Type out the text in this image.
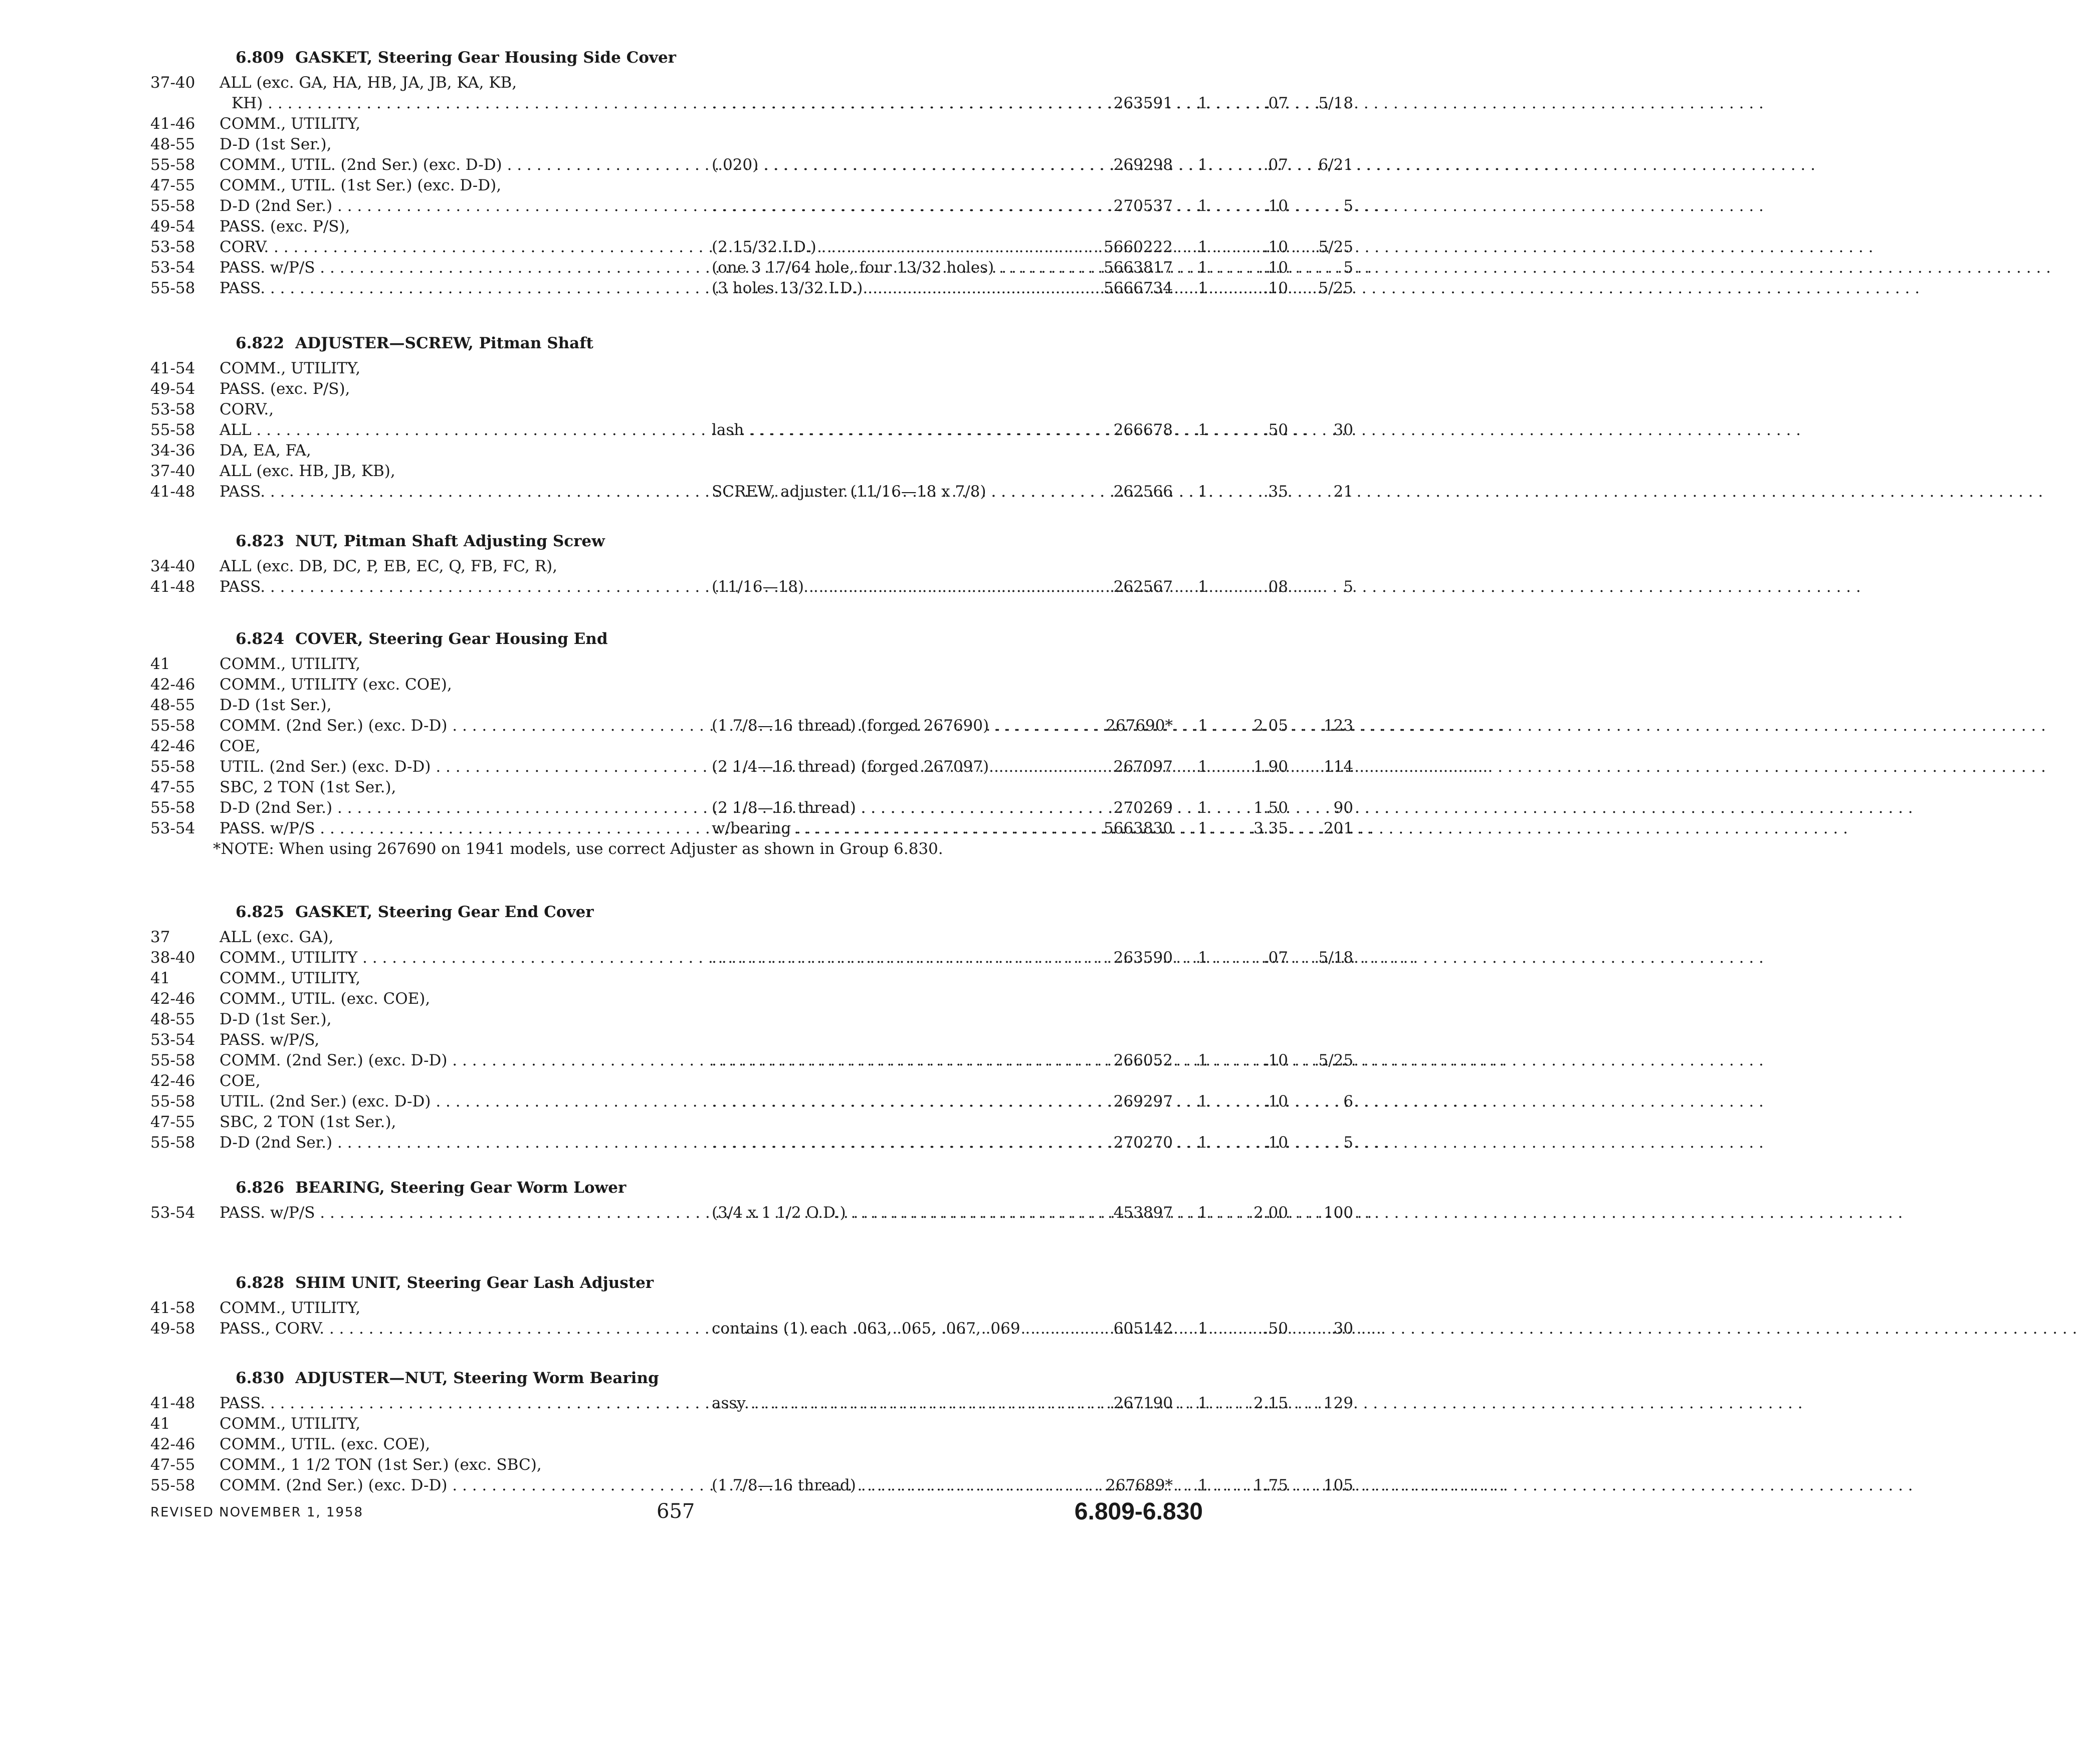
6.809 GASKET, Steering Gear Housing Side Cover
37-40 ALL (exc. GA, HA, HB, JA, JB, KA, KB,
KH) . . . . . .	263591 1	.07	5/18
41-46 COMM., UTILITY,
48-55 D-D (1st Ser.),
55-58 COMM., UTIL. (2nd Ser.) (exc. D-D) . . .	(.020) . . .	269298 1	.07	6/21
47-55 COMM., UTIL. (1st Ser.) (exc. D-D),
55-58 D-D (2nd Ser.) . . . . . .	270537 1	.10	5
49-54 PASS. (exc. P/S),
53-58 CORV. . . .	(2 15/32 I.D.) . . .	5660222 1	.10	5/25
53-54 PASS. w/P/S . . .	(one 3 17/64 hole, four 13/32 holes) . . .	5663817 1	.10	5
55-58 PASS. . . .	(3 holes 13/32 I.D.) . . .	5666734 1	.10	5/25
6.822 ADJUSTER—SCREW, Pitman Shaft
41-54 COMM., UTILITY,
49-54 PASS. (exc. P/S),
53-58 CORV.,
55-58 ALL . . .	lash . . .	266678 1	.50	30
34-36 DA, EA, FA,
37-40 ALL (exc. HB, JB, KB),
41-48 PASS. . . .	SCREW, adjuster (11/16—18 x 7/8) . . .	262566 1	.35	21
6.823 NUT, Pitman Shaft Adjusting Screw
34-40 ALL (exc. DB, DC, P, EB, EC, Q, FB, FC, R),
41-48 PASS. . . .	(11/16—18) . . .	262567 1	.08	5
6.824 COVER, Steering Gear Housing End
41	COMM., UTILITY,
42-46 COMM., UTILITY (exc. COE),
48-55 D-D (1st Ser.),
55-58 COMM. (2nd Ser.) (exc. D-D) . . .	(1 7/8—16 thread) (forged 267690) . . .	267690* 1	2.05	123
42-46 COE,
55-58 UTIL. (2nd Ser.) (exc. D-D) . . .	(2 1/4—16 thread) (forged 267097) . . .	267097 1	1.90	114
47-55 SBC, 2 TON (1st Ser.),
55-58 D-D (2nd Ser.) . . .	(2 1/8—16 thread) . . .	270269 1	1.50	90
53-54 PASS. w/P/S . . .	w/bearing . . .	5663830 1	3.35	201
*NOTE: When using 267690 on 1941 models, use correct Adjuster as shown in Group 6.830.
6.825 GASKET, Steering Gear End Cover
37	ALL (exc. GA),
38-40 COMM., UTILITY . . . . . .	263590 1	.07	5/18
41	COMM., UTILITY,
42-46 COMM., UTIL. (exc. COE),
48-55 D-D (1st Ser.),
53-54 PASS. w/P/S,
55-58 COMM. (2nd Ser.) (exc. D-D) . . . . . .	266052 1	.10	5/25
42-46 COE,
55-58 UTIL. (2nd Ser.) (exc. D-D) . . . . . .	269297 1	.10	6
47-55 SBC, 2 TON (1st Ser.),
55-58 D-D (2nd Ser.) . . . . . .	270270 1	.10	5
6.826 BEARING, Steering Gear Worm Lower
53-54 PASS. w/P/S . . .	(3/4 x 1 1/2 O.D.) . . .	453897 1	2.00	100
6.828 SHIM UNIT, Steering Gear Lash Adjuster
41-58 COMM., UTILITY,
49-58 PASS., CORV. . . .	contains (1) each .063, .065, .067, .069 . . .	605142 1	.50	30
6.830 ADJUSTER—NUT, Steering Worm Bearing
41-48 PASS. . . .	assy . . .	267190 1	2.15	129
41	COMM., UTILITY,
42-46 COMM., UTIL. (exc. COE),
47-55 COMM., 1 1/2 TON (1st Ser.) (exc. SBC),
55-58 COMM. (2nd Ser.) (exc. D-D) . . .	(1 7/8—16 thread) . . .	267689* 1	1.75	105
REVISED NOVEMBER 1, 1958	657	6.809-6.830
